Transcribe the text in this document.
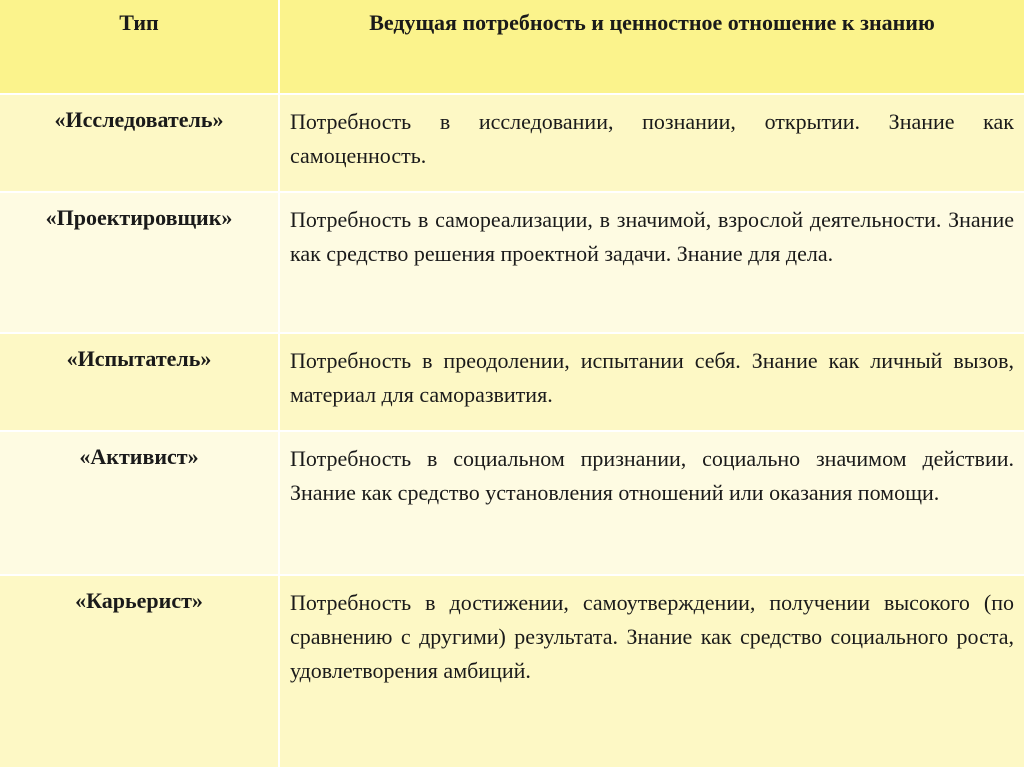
Тип	Ведущая потребность и ценностное отношение к знанию
«Исследователь»	Потребность в исследовании, познании, открытии. Знание как самоценность.
«Проектировщик»	Потребность в самореализации, в значимой, взрослой деятельности. Знание как средство решения проектной задачи. Знание для дела.
«Испытатель»	Потребность в преодолении, испытании себя. Знание как личный вызов, материал для саморазвития.
«Активист»	Потребность в социальном признании, социально значимом действии. Знание как средство установления отношений или оказания помощи.
«Карьерист»	Потребность в достижении, самоутверждении, получении высокого (по сравнению с другими) результата. Знание как средство социального роста, удовлетворения амбиций.
